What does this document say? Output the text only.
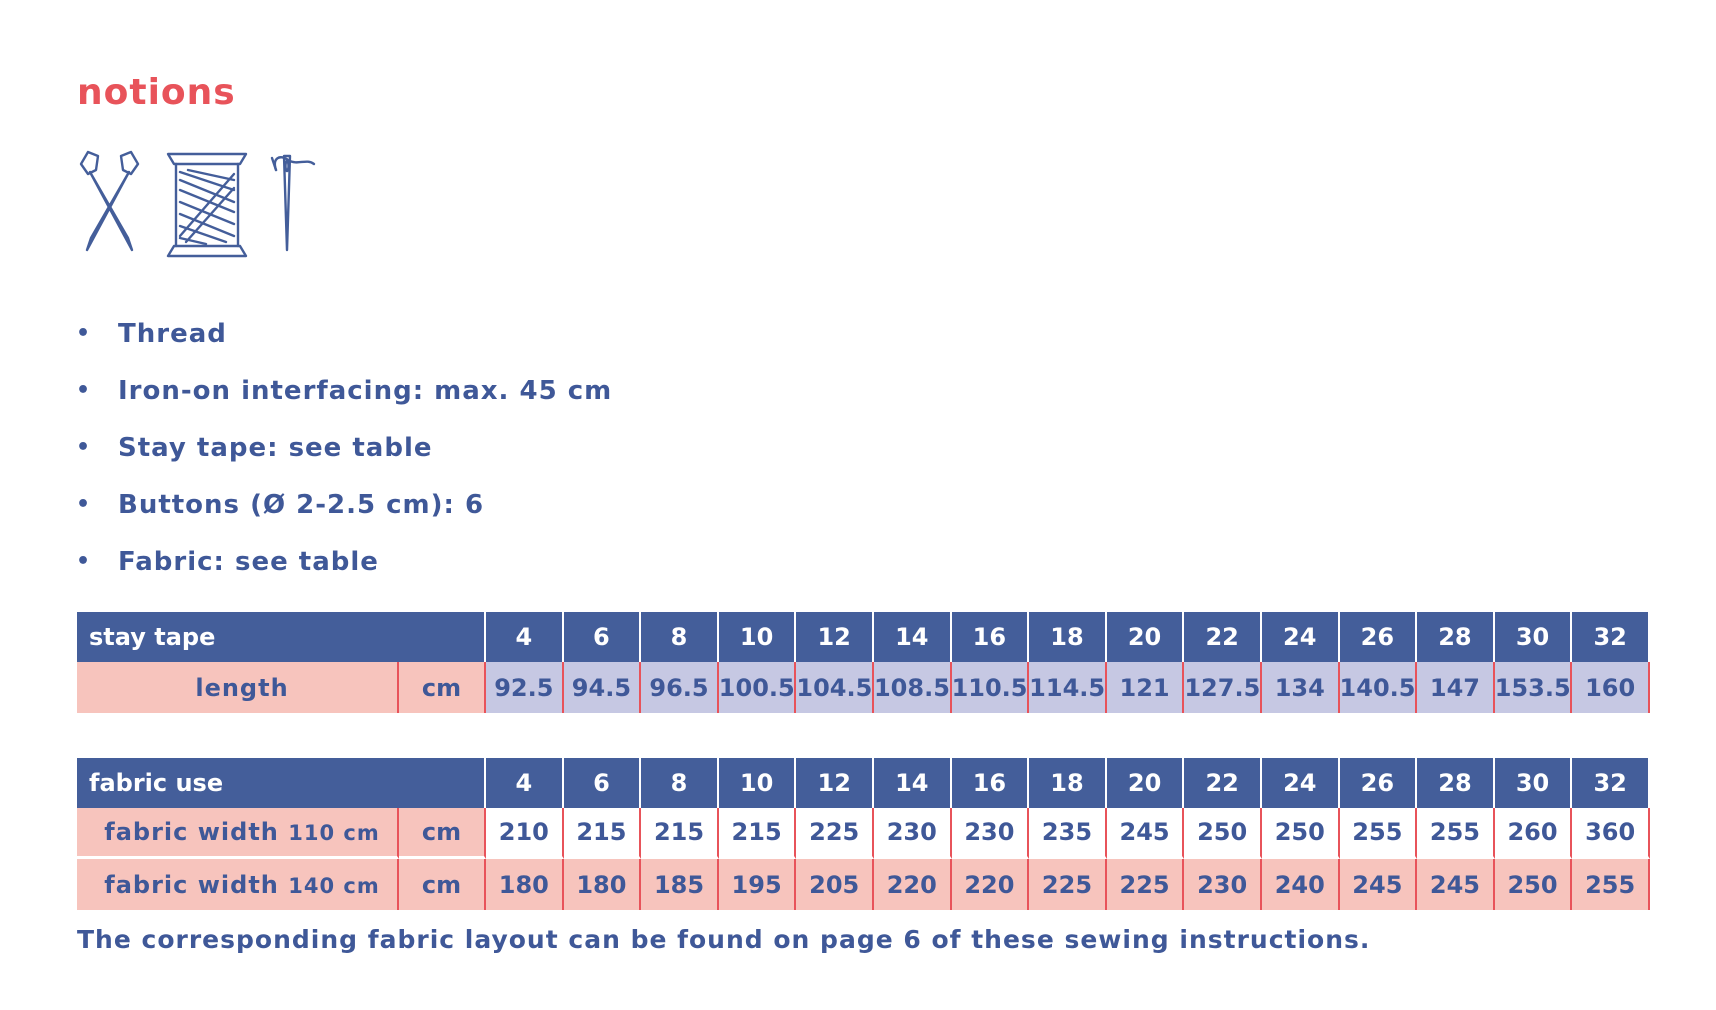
notions
•	Thread
•	Iron-on interfacing: max. 45 cm
•	Stay tape: see table
•	Buttons (Ø 2-2.5 cm): 6
•	Fabric: see table
stay tape		4	6	8	10	12	14	16	18	20	22	24	26	28	30	32
length	cm	92.5	94.5	96.5	100.5	104.5	108.5	110.5	114.5	121	127.5	134	140.5	147	153.5	160
fabric use		4	6	8	10	12	14	16	18	20	22	24	26	28	30	32
fabric width 110 cm	cm	210	215	215	215	225	230	230	235	245	250	250	255	255	260	360
fabric width 140 cm	cm	180	180	185	195	205	220	220	225	225	230	240	245	245	250	255

The corresponding fabric layout can be found on page 6 of these sewing instructions.
